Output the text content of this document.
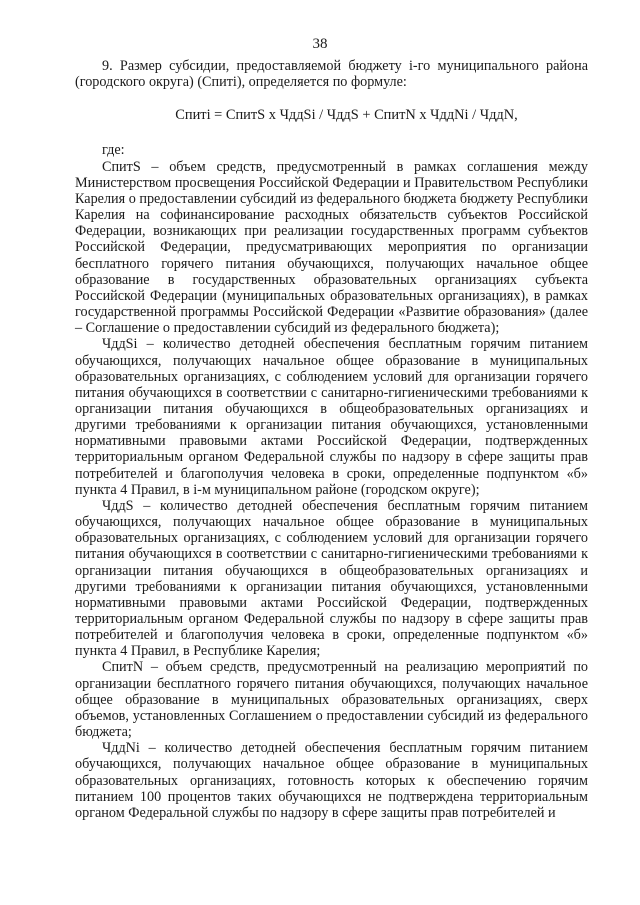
38

9. Размер субсидии, предоставляемой бюджету i-го муниципального района (городского округа) (Спитi), определяется по формуле:

Спитi = СпитS x ЧддSi / ЧддS + СпитN x ЧддNi / ЧддN,

где:

СпитS – объем средств, предусмотренный в рамках соглашения между Министерством просвещения Российской Федерации и Правительством Республики Карелия о предоставлении субсидий из федерального бюджета бюджету Республики Карелия на софинансирование расходных обязательств субъектов Российской Федерации, возникающих при реализации государственных программ субъектов Российской Федерации, предусматривающих мероприятия по организации бесплатного горячего питания обучающихся, получающих начальное общее образование в государственных образовательных организациях субъекта Российской Федерации (муниципальных образовательных организациях), в рамках государственной программы Российской Федерации «Развитие образования» (далее – Соглашение о предоставлении субсидий из федерального бюджета);

ЧддSi – количество детодней обеспечения бесплатным горячим питанием обучающихся, получающих начальное общее образование в муниципальных образовательных организациях, с соблюдением условий для организации горячего питания обучающихся в соответствии с санитарно-гигиеническими требованиями к организации питания обучающихся в общеобразовательных организациях и другими требованиями к организации питания обучающихся, установленными нормативными правовыми актами Российской Федерации, подтвержденных территориальным органом Федеральной службы по надзору в сфере защиты прав потребителей и благополучия человека в сроки, определенные подпунктом «б» пункта 4 Правил, в i-м муниципальном районе (городском округе);

ЧддS – количество детодней обеспечения бесплатным горячим питанием обучающихся, получающих начальное общее образование в муниципальных образовательных организациях, с соблюдением условий для организации горячего питания обучающихся в соответствии с санитарно-гигиеническими требованиями к организации питания обучающихся в общеобразовательных организациях и другими требованиями к организации питания обучающихся, установленными нормативными правовыми актами Российской Федерации, подтвержденных территориальным органом Федеральной службы по надзору в сфере защиты прав потребителей и благополучия человека в сроки, определенные подпунктом «б» пункта 4 Правил, в Республике Карелия;

СпитN – объем средств, предусмотренный на реализацию мероприятий по организации бесплатного горячего питания обучающихся, получающих начальное общее образование в муниципальных образовательных организациях, сверх объемов, установленных Соглашением о предоставлении субсидий из федерального бюджета;

ЧддNi – количество детодней обеспечения бесплатным горячим питанием обучающихся, получающих начальное общее образование в муниципальных образовательных организациях, готовность которых к обеспечению горячим питанием 100 процентов таких обучающихся не подтверждена территориальным органом Федеральной службы по надзору в сфере защиты прав потребителей и
